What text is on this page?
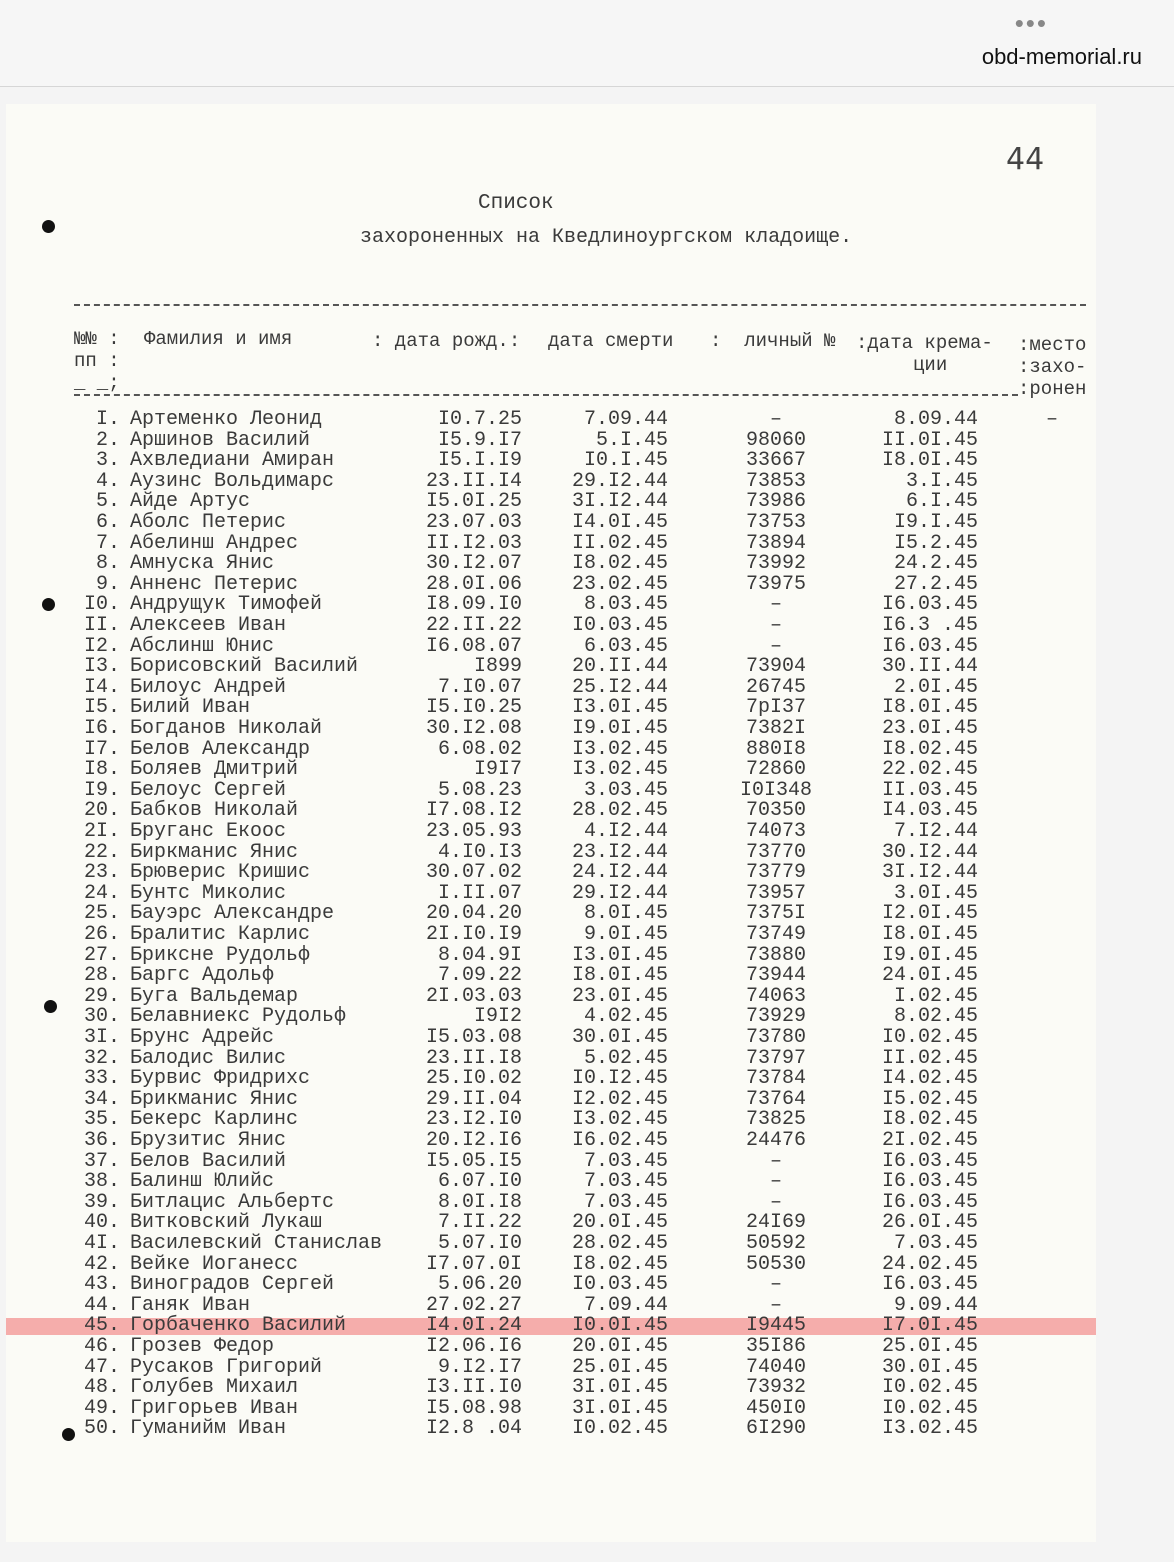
•••
obd-memorial.ru
44
Список
захороненных на Кведлиноургском кладоище.
№№ :
пп :
_ _;
Фамилия и имя	: дата рожд.: дата смерти :  личный № :дата крема-
ции
:место
:захо-
:ронен
I. Артеменко Леонид	I0.7.25	7.09.44	–	8.09.44	–
2. Аршинов Василий	I5.9.I7	5.I.45	98060	II.0I.45
3. Ахвледиани Амиран	I5.I.I9	I0.I.45	33667	I8.0I.45
4. Аузинс Вольдимарс	23.II.I4	29.I2.44	73853	3.I.45
5. Айде Артус	I5.0I.25	3I.I2.44	73986	6.I.45
6. Аболс Петерис	23.07.03	I4.0I.45	73753	I9.I.45
7. Абелинш Андрес	II.I2.03	II.02.45	73894	I5.2.45
8. Амнуска Янис	30.I2.07	I8.02.45	73992	24.2.45
9. Анненс Петерис	28.0I.06	23.02.45	73975	27.2.45
I0. Андрущук Тимофей	I8.09.I0	8.03.45	–	I6.03.45
II. Алексеев Иван	22.II.22	I0.03.45	–	I6.3 .45
I2. Абслинш Юнис	I6.08.07	6.03.45	–	I6.03.45
I3. Борисовский Василий	I899	20.II.44	73904	30.II.44
I4. Билоус Андрей	7.I0.07	25.I2.44	26745	2.0I.45
I5. Билий Иван	I5.I0.25	I3.0I.45	7pI37	I8.0I.45
I6. Богданов Николай	30.I2.08	I9.0I.45	7382I	23.0I.45
I7. Белов Александр	6.08.02	I3.02.45	880I8	I8.02.45
I8. Боляев Дмитрий	I9I7	I3.02.45	72860	22.02.45
I9. Белоус Сергей	5.08.23	3.03.45	I0I348	II.03.45
20. Бабков Николай	I7.08.I2	28.02.45	70350	I4.03.45
2I. Бруганс Екоос	23.05.93	4.I2.44	74073	7.I2.44
22. Биркманис Янис	4.I0.I3	23.I2.44	73770	30.I2.44
23. Брюверис Кришис	30.07.02	24.I2.44	73779	3I.I2.44
24. Бунтс Миколис	I.II.07	29.I2.44	73957	3.0I.45
25. Бауэрс Александре	20.04.20	8.0I.45	7375I	I2.0I.45
26. Бралитис Карлис	2I.I0.I9	9.0I.45	73749	I8.0I.45
27. Брикснe Рудольф	8.04.9I	I3.0I.45	73880	I9.0I.45
28. Баргс Адольф	7.09.22	I8.0I.45	73944	24.0I.45
29. Буга Вальдемар	2I.03.03	23.0I.45	74063	I.02.45
30. Белавниекс Рудольф	I9I2	4.02.45	73929	8.02.45
3I. Брунс Адрейс	I5.03.08	30.0I.45	73780	I0.02.45
32. Балодис Вилис	23.II.I8	5.02.45	73797	II.02.45
33. Бурвис Фридрихс	25.I0.02	I0.I2.45	73784	I4.02.45
34. Брикманис Янис	29.II.04	I2.02.45	73764	I5.02.45
35. Бекерс Карлинс	23.I2.I0	I3.02.45	73825	I8.02.45
36. Брузитис Янис	20.I2.I6	I6.02.45	24476	2I.02.45
37. Белов Василий	I5.05.I5	7.03.45	–	I6.03.45
38. Балинш Юлийс	6.07.I0	7.03.45	–	I6.03.45
39. Битлацис Альбертс	8.0I.I8	7.03.45	–	I6.03.45
40. Витковский Лукаш	7.II.22	20.0I.45	24I69	26.0I.45
4I. Василевский Станислав	5.07.I0	28.02.45	50592	7.03.45
42. Вейке Иоганесс	I7.07.0I	I8.02.45	50530	24.02.45
43. Виноградов Сергей	5.06.20	I0.03.45	–	I6.03.45
44. Ганяк Иван	27.02.27	7.09.44	–	9.09.44
45. Горбаченко Василий	I4.0I.24	I0.0I.45	I9445	I7.0I.45
46. Грозев Федор	I2.06.I6	20.0I.45	35I86	25.0I.45
47. Русаков Григорий	9.I2.I7	25.0I.45	74040	30.0I.45
48. Голубев Михаил	I3.II.I0	3I.0I.45	73932	I0.02.45
49. Григорьев Иван	I5.08.98	3I.0I.45	450I0	I0.02.45
50. Гуманийм Иван	I2.8 .04	I0.02.45	6I290	I3.02.45
